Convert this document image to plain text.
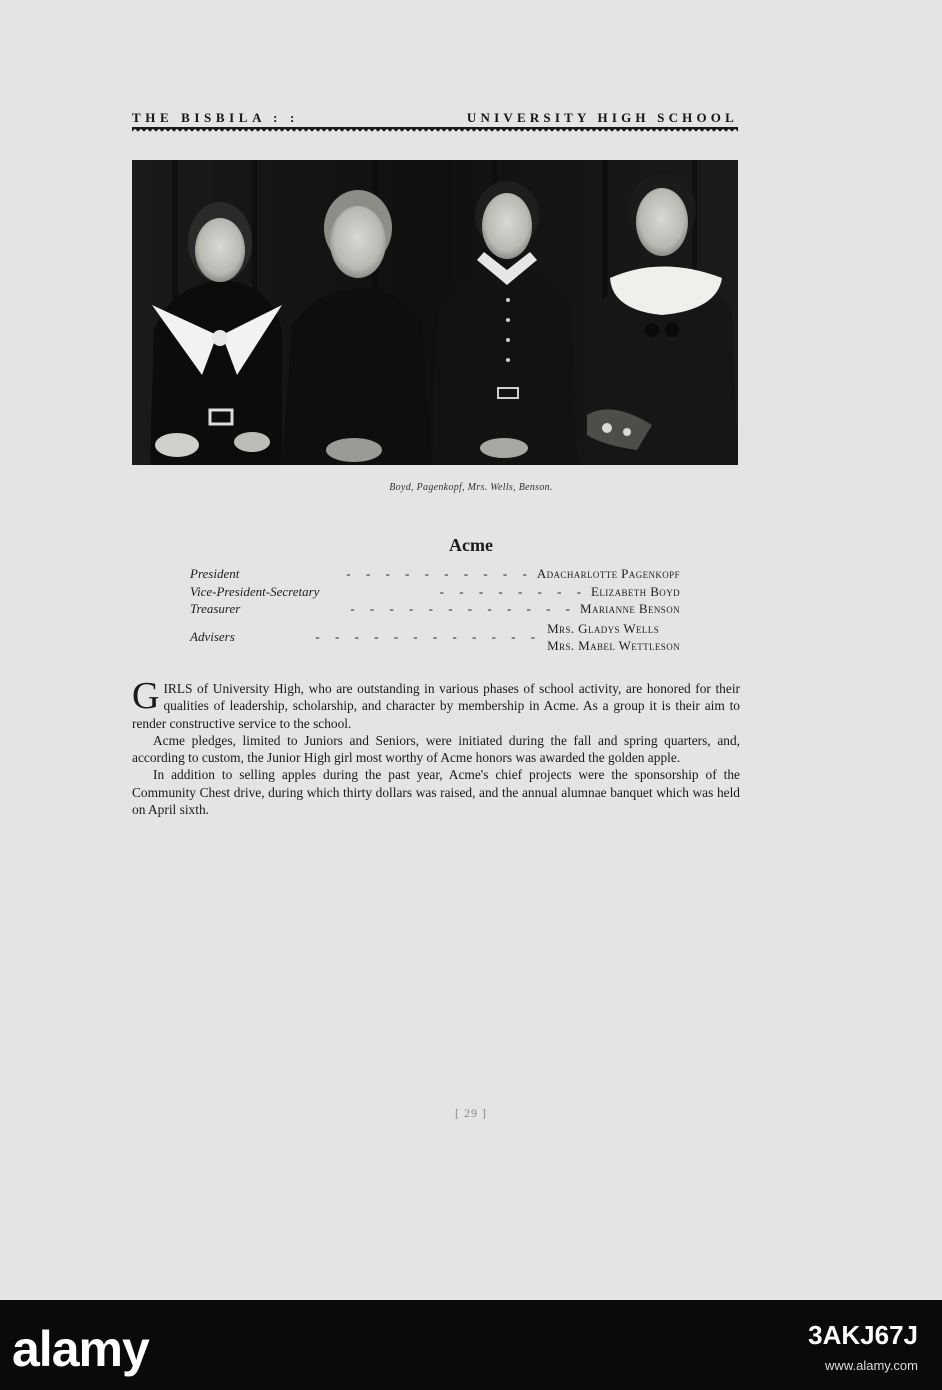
THE BISBILA : :	UNIVERSITY HIGH SCHOOL
Boyd, Pagenkopf, Mrs. Wells, Benson.
Acme
President	- - - - - - - - - - Adacharlotte Pagenkopf
Vice-President-Secretary	- - - - - - - - Elizabeth Boyd
Treasurer	- - - - - - - - - - - - Marianne Benson
Advisers	- - - - - - - - - - - -
Mrs. Gladys Wells
Mrs. Mabel Wettleson

GIRLS of University High, who are outstanding in various phases of school activity, are honored for their qualities of leadership, scholarship, and character by membership in Acme. As a group it is their aim to render constructive service to the school.

Acme pledges, limited to Juniors and Seniors, were initiated during the fall and spring quarters, and, according to custom, the Junior High girl most worthy of Acme honors was awarded the golden apple.

In addition to selling apples during the past year, Acme's chief projects were the sponsorship of the Community Chest drive, during which thirty dollars was raised, and the annual alumnae banquet which was held on April sixth.

[ 29 ]
alamy	3AKJ67J
www.alamy.com
